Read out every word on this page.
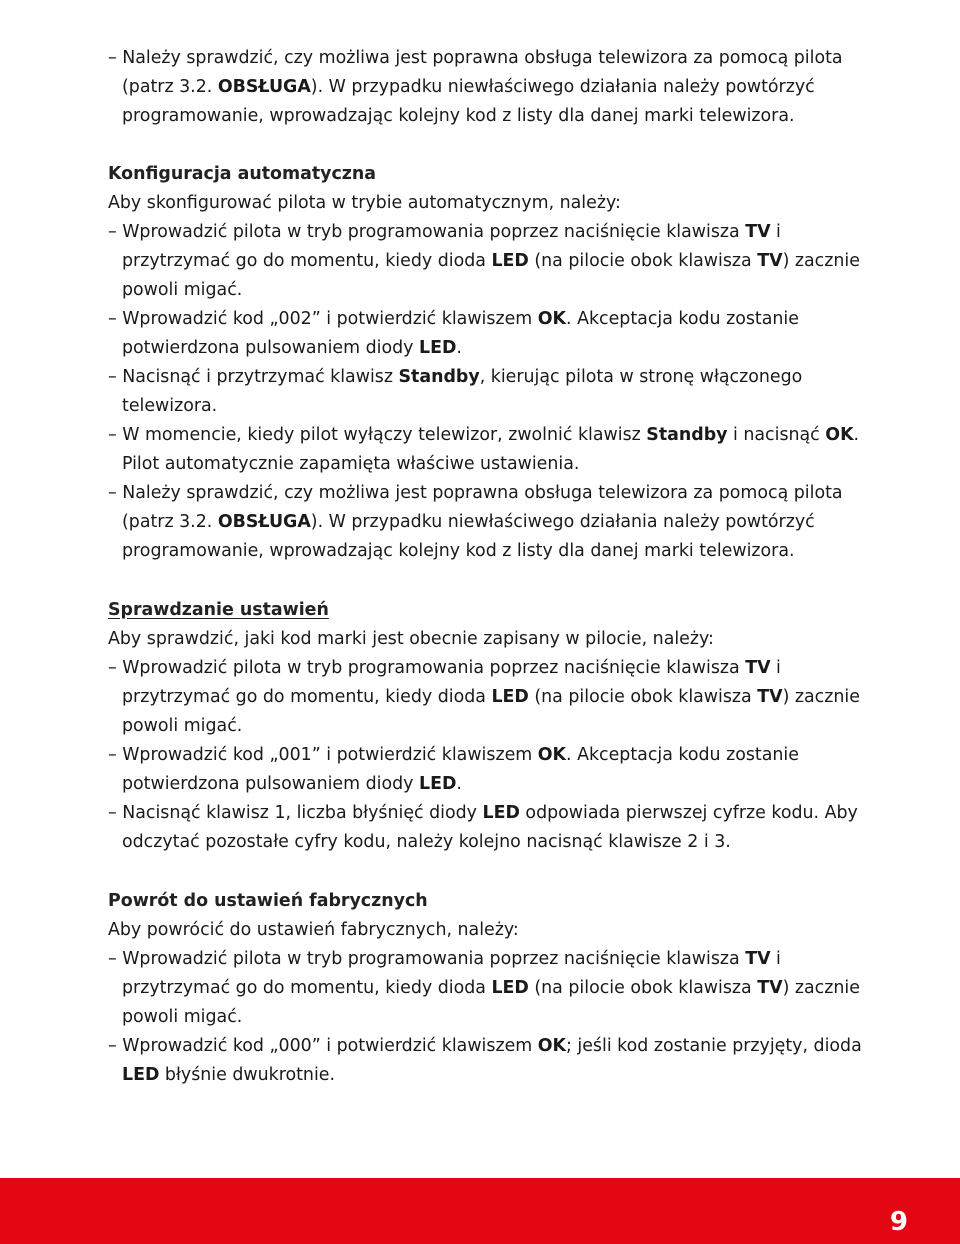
– Należy sprawdzić, czy możliwa jest poprawna obsługa telewizora za pomocą pilota (patrz 3.2. OBSŁUGA). W przypadku niewłaściwego działania należy powtórzyć programowanie, wprowadzając kolejny kod z listy dla danej marki telewizora.
Konfiguracja automatyczna
Aby skonfigurować pilota w trybie automatycznym, należy:
– Wprowadzić pilota w tryb programowania poprzez naciśnięcie klawisza TV i przytrzymać go do momentu, kiedy dioda LED (na pilocie obok klawisza TV) zacznie powoli migać.
– Wprowadzić kod „002” i potwierdzić klawiszem OK. Akceptacja kodu zostanie potwierdzona pulsowaniem diody LED.
– Nacisnąć i przytrzymać klawisz Standby, kierując pilota w stronę włączonego telewizora.
– W momencie, kiedy pilot wyłączy telewizor, zwolnić klawisz Standby i nacisnąć OK. Pilot automatycznie zapamięta właściwe ustawienia.
– Należy sprawdzić, czy możliwa jest poprawna obsługa telewizora za pomocą pilota (patrz 3.2. OBSŁUGA). W przypadku niewłaściwego działania należy powtórzyć programowanie, wprowadzając kolejny kod z listy dla danej marki telewizora.
Sprawdzanie ustawień
Aby sprawdzić, jaki kod marki jest obecnie zapisany w pilocie, należy:
– Wprowadzić pilota w tryb programowania poprzez naciśnięcie klawisza TV i przytrzymać go do momentu, kiedy dioda LED (na pilocie obok klawisza TV) zacznie powoli migać.
– Wprowadzić kod „001” i potwierdzić klawiszem OK. Akceptacja kodu zostanie potwierdzona pulsowaniem diody LED.
– Nacisnąć klawisz 1, liczba błyśnięć diody LED odpowiada pierwszej cyfrze kodu. Aby odczytać pozostałe cyfry kodu, należy kolejno nacisnąć klawisze 2 i 3.
Powrót do ustawień fabrycznych
Aby powrócić do ustawień fabrycznych, należy:
– Wprowadzić pilota w tryb programowania poprzez naciśnięcie klawisza TV i przytrzymać go do momentu, kiedy dioda LED (na pilocie obok klawisza TV) zacznie powoli migać.
– Wprowadzić kod „000” i potwierdzić klawiszem OK; jeśli kod zostanie przyjęty, dioda LED błyśnie dwukrotnie.
9
